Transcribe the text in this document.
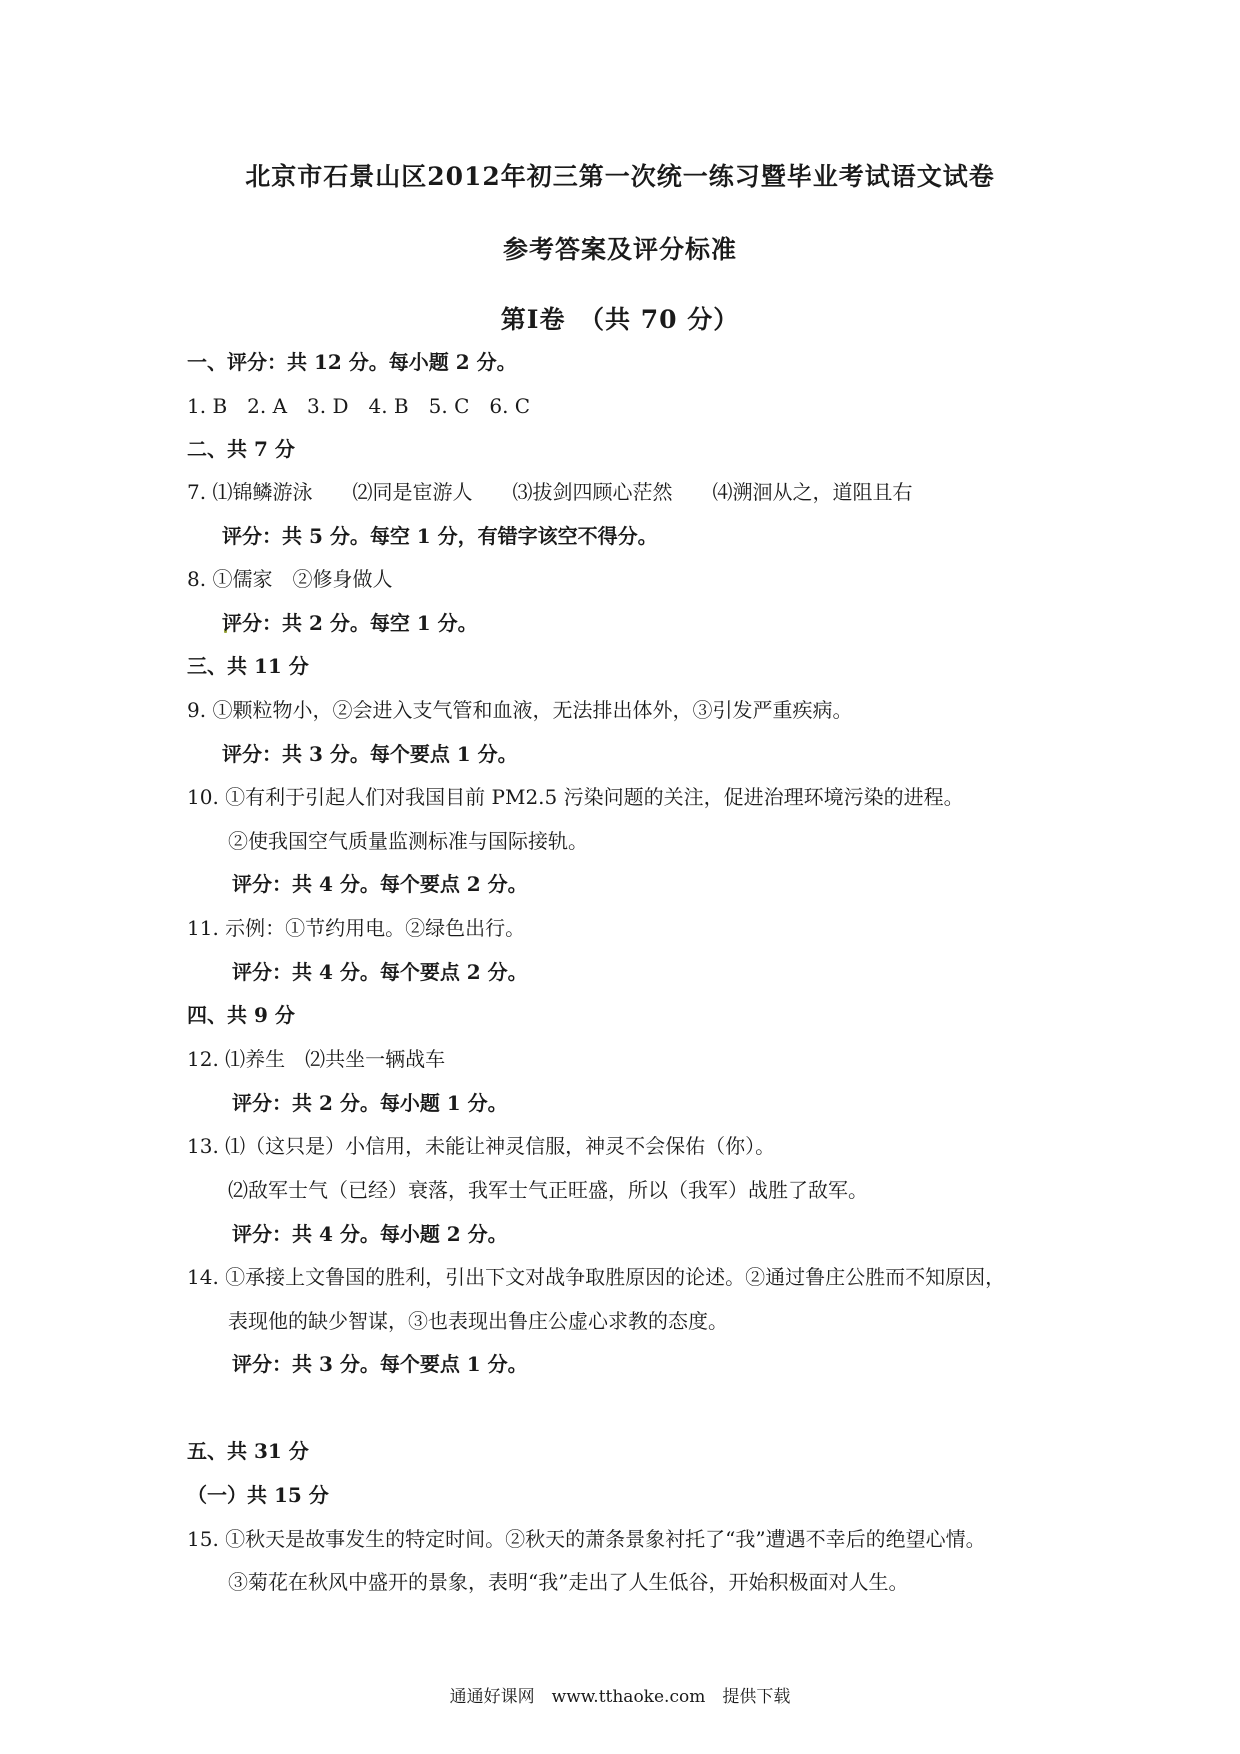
北京市石景山区2012年初三第一次统一练习暨毕业考试语文试卷
参考答案及评分标准
第Ⅰ卷　（共 70 分）
一、评分：共 12 分。每小题 2 分。
1. B　2. A　3. D　4. B　5. C　6. C
二、共 7 分
7. ⑴锦鳞游泳　　⑵同是宦游人　　⑶拔剑四顾心茫然　　⑷溯洄从之，道阻且右
评分：共 5 分。每空 1 分，有错字该空不得分。
8. ①儒家　②修身做人
评分：共 2 分。每空 1 分。
三、共 11 分
9. ①颗粒物小，②会进入支气管和血液，无法排出体外，③引发严重疾病。
评分：共 3 分。每个要点 1 分。
10. ①有利于引起人们对我国目前 PM2.5 污染问题的关注，促进治理环境污染的进程。
②使我国空气质量监测标准与国际接轨。
评分：共 4 分。每个要点 2 分。
11. 示例：①节约用电。②绿色出行。
评分：共 4 分。每个要点 2 分。
四、共 9 分
12. ⑴养生　⑵共坐一辆战车
评分：共 2 分。每小题 1 分。
13. ⑴（这只是）小信用，未能让神灵信服，神灵不会保佑（你）。
⑵敌军士气（已经）衰落，我军士气正旺盛，所以（我军）战胜了敌军。
评分：共 4 分。每小题 2 分。
14. ①承接上文鲁国的胜利，引出下文对战争取胜原因的论述。②通过鲁庄公胜而不知原因，
表现他的缺少智谋，③也表现出鲁庄公虚心求教的态度。
评分：共 3 分。每个要点 1 分。
五、共 31 分
（一）共 15 分
15. ①秋天是故事发生的特定时间。②秋天的萧条景象衬托了“我”遭遇不幸后的绝望心情。
③菊花在秋风中盛开的景象，表明“我”走出了人生低谷，开始积极面对人生。
通通好课网　www.tthaoke.com　提供下载
